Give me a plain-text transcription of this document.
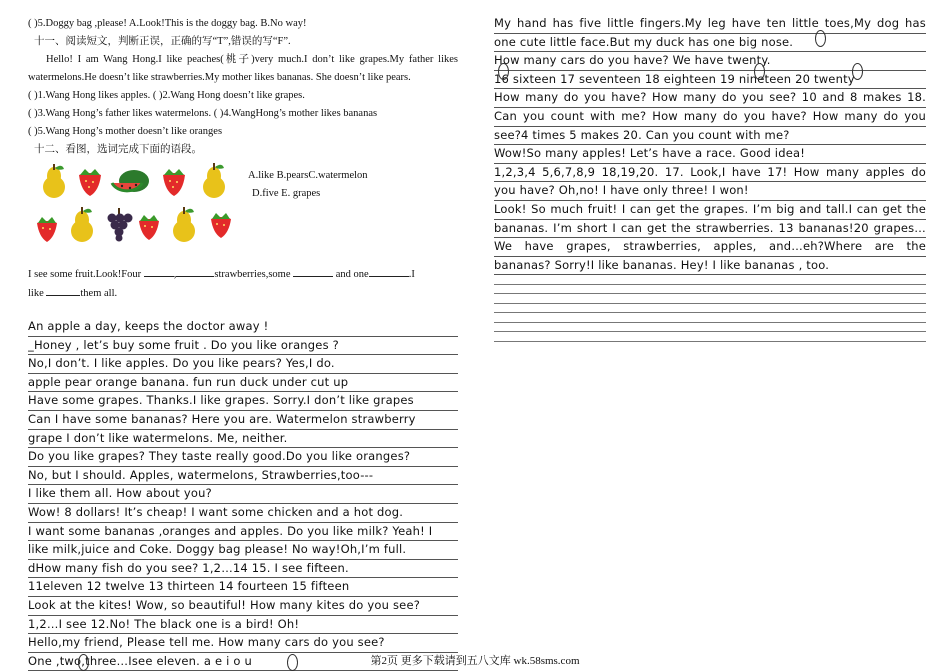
( )5.Doggy bag ,please! A.Look!This is the doggy bag. B.No way!
十一、阅读短文，判断正误，正确的写“T”,错误的写“F”.
Hello! I am Wang Hong.I like peaches(桃子)very much.I don’t like grapes.My father likes watermelons.He doesn’t like strawberries.My mother likes bananas. She doesn’t like pears.
( )1.Wang Hong likes apples. ( )2.Wang Hong doesn’t like grapes.
( )3.Wang Hong’s father likes watermelons. ( )4.WangHong’s mother likes bananas
( )5.Wang Hong’s mother doesn’t like oranges
十二、看图，选词完成下面的语段。
A.like B.pearsC.watermelon
D.five E. grapes
I see some fruit.Look!Four	,	strawberries,some	and one	.I
like	them all.
An apple a day, keeps the doctor away !
_Honey , let’s buy some fruit . Do you like oranges ?
No,I don’t. I like apples. Do you like pears? Yes,I do.
apple pear orange banana. fun run duck under cut up
Have some grapes. Thanks.I like grapes. Sorry.I don’t like grapes
Can I have some bananas? Here you are. Watermelon strawberry
grape I don’t like watermelons. Me, neither.
Do you like grapes? They taste really good.Do you like oranges?
No, but I should. Apples, watermelons, Strawberries,too---
I like them all. How about you?
Wow! 8 dollars! It’s cheap! I want some chicken and a hot dog.
I want some bananas ,oranges and apples. Do you like milk? Yeah! I
like milk,juice and Coke. Doggy bag please! No way!Oh,I’m full.
dHow many fish do you see? 1,2…14 15. I see fifteen.
11eleven 12 twelve 13 thirteen 14 fourteen 15 fifteen
Look at the kites! Wow, so beautiful! How many kites do you see?
1,2…I see 12.No! The black one is a bird! Oh!
Hello,my friend, Please tell me. How many cars do you see?
One ,two,three…Isee eleven. a e i o u
My hand has five little fingers.My leg have ten little toes,My dog has
one cute little face.But my duck has one big nose.
How many cars do you have? We have twenty.
16 sixteen 17 seventeen 18 eighteen 19 nineteen 20 twenty
How many do you have? How many do you see? 10 and 8 makes 18.
Can you count with me? How many do you have? How many do you
see?4 times 5 makes 20. Can you count with me?
Wow!So many apples! Let’s have a race. Good idea!
1,2,3,4 5,6,7,8,9 18,19,20. 17. Look,I have 17! How many apples do
you have? Oh,no! I have only three! I won!
Look! So much fruit! I can get the grapes. I’m big and tall.I can get the
bananas. I’m short I can get the strawberries. 13 bananas!20 grapes…
We have grapes, strawberries, apples, and…eh?Where are the
bananas? Sorry!I like bananas. Hey! I like bananas , too.
第2页 更多下载请到五八文库 wk.58sms.com
